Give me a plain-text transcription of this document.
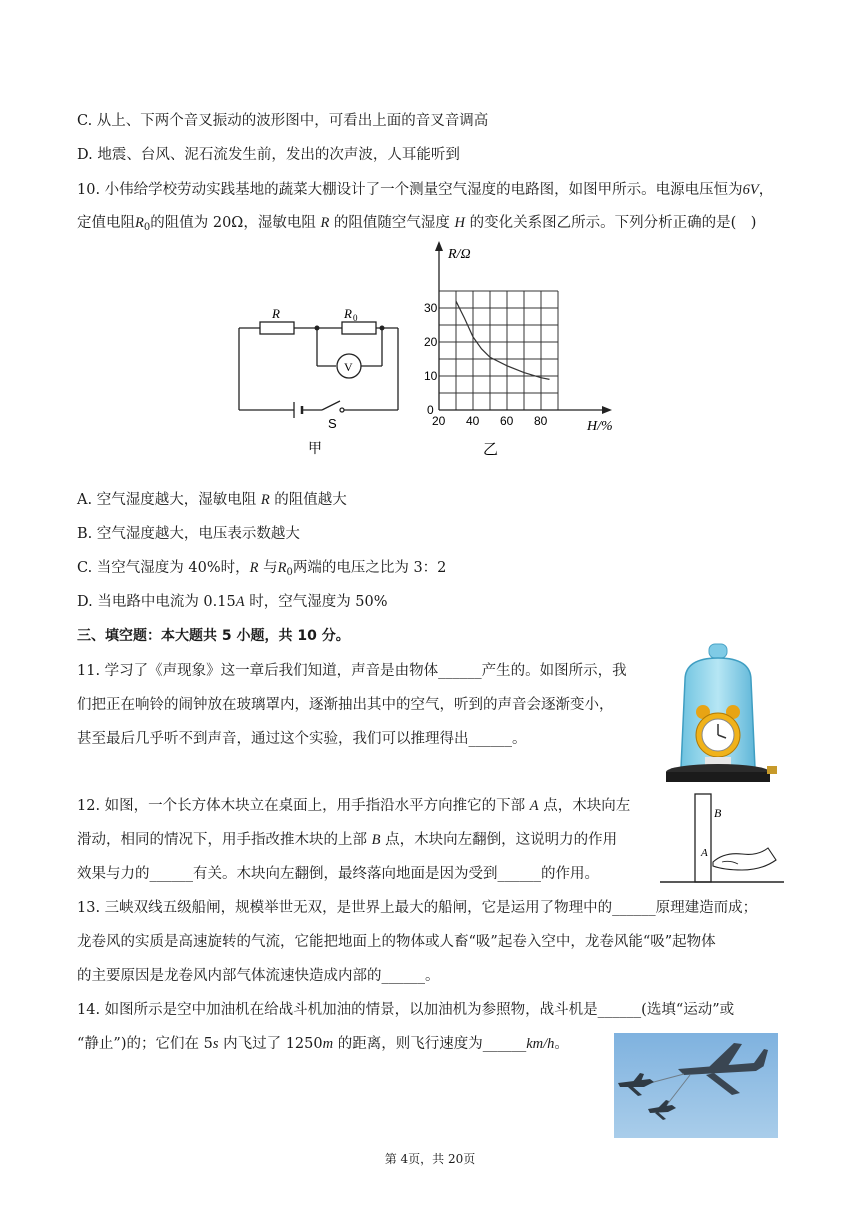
C. 从上、下两个音叉振动的波形图中，可看出上面的音叉音调高
D. 地震、台风、泥石流发生前，发出的次声波，人耳能听到
10. 小伟给学校劳动实践基地的蔬菜大棚设计了一个测量空气湿度的电路图，如图甲所示。电源电压恒为6V，
定值电阻$R_0$的阻值为 20Ω，湿敏电阻 R 的阻值随空气湿度 H 的变化关系图乙所示。下列分析正确的是(　)
R	R 0
V
S
甲
R/Ω
H/%
30
20
10
0
20 40 60 80
乙
A. 空气湿度越大，湿敏电阻 R 的阻值越大
B. 空气湿度越大，电压表示数越大
C. 当空气湿度为 40%时，R 与$R_0$两端的电压之比为 3：2
D. 当电路中电流为 0.15A 时，空气湿度为 50%
三、填空题：本大题共 5 小题，共 10 分。
11. 学习了《声现象》这一章后我们知道，声音是由物体______产生的。如图所示，我
们把正在响铃的闹钟放在玻璃罩内，逐渐抽出其中的空气，听到的声音会逐渐变小，
甚至最后几乎听不到声音，通过这个实验，我们可以推理得出______。
12. 如图，一个长方体木块立在桌面上，用手指沿水平方向推它的下部 A 点，木块向左
滑动，相同的情况下，用手指改推木块的上部 B 点，木块向左翻倒，这说明力的作用
效果与力的______有关。木块向左翻倒，最终落向地面是因为受到______的作用。
B
A
13. 三峡双线五级船闸，规模举世无双，是世界上最大的船闸，它是运用了物理中的______原理建造而成；
龙卷风的实质是高速旋转的气流，它能把地面上的物体或人畜“吸”起卷入空中，龙卷风能“吸”起物体
的主要原因是龙卷风内部气体流速快造成内部的______。
14. 如图所示是空中加油机在给战斗机加油的情景，以加油机为参照物，战斗机是______(选填“运动”或
“静止”)的；它们在 5s 内飞过了 1250m 的距离，则飞行速度为______km/h。
第 4页，共 20页
